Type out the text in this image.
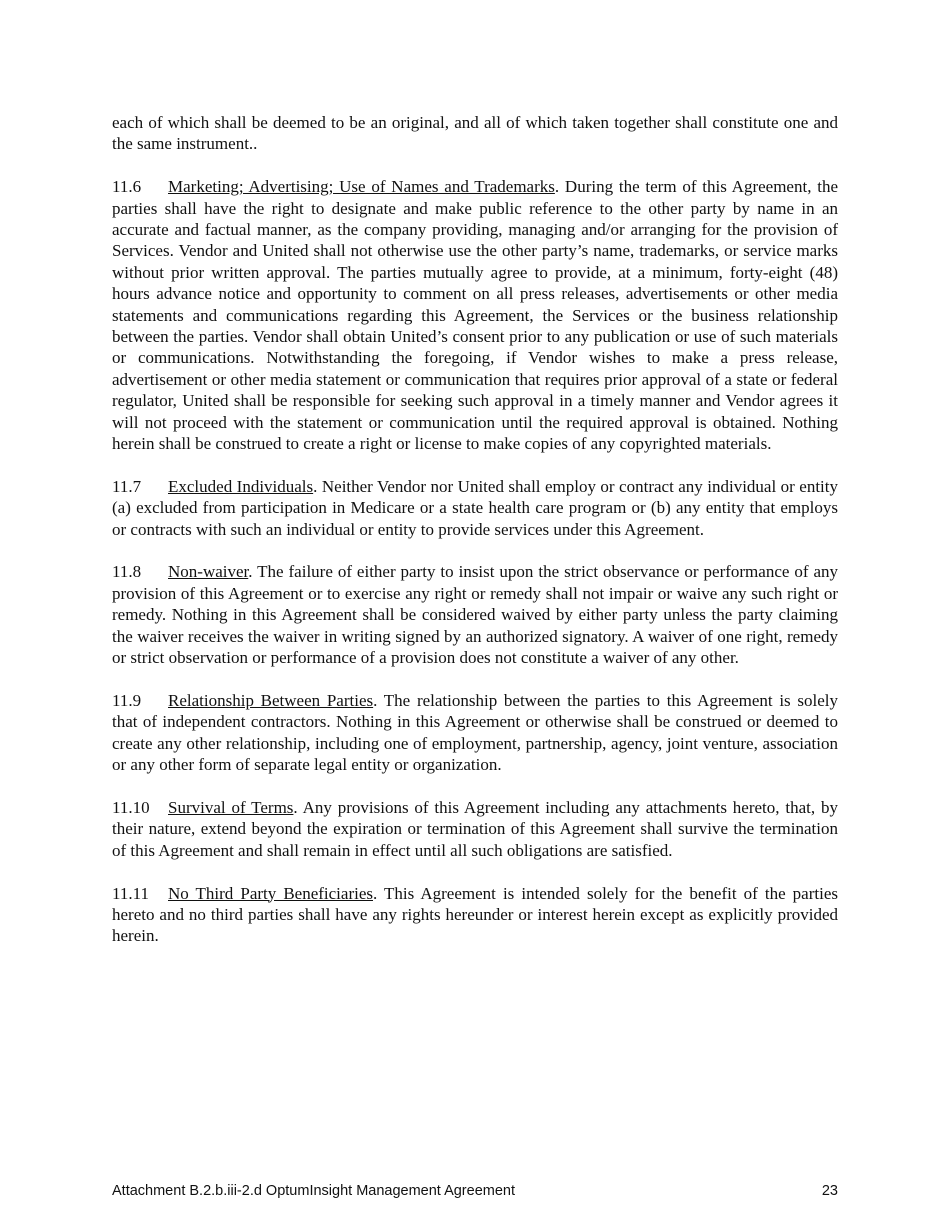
each of which shall be deemed to be an original, and all of which taken together shall constitute one and the same instrument..

11.6 Marketing; Advertising; Use of Names and Trademarks. During the term of this Agreement, the parties shall have the right to designate and make public reference to the other party by name in an accurate and factual manner, as the company providing, managing and/or arranging for the provision of Services. Vendor and United shall not otherwise use the other party’s name, trademarks, or service marks without prior written approval. The parties mutually agree to provide, at a minimum, forty-eight (48) hours advance notice and opportunity to comment on all press releases, advertisements or other media statements and communications regarding this Agreement, the Services or the business relationship between the parties. Vendor shall obtain United’s consent prior to any publication or use of such materials or communications. Notwithstanding the foregoing, if Vendor wishes to make a press release, advertisement or other media statement or communication that requires prior approval of a state or federal regulator, United shall be responsible for seeking such approval in a timely manner and Vendor agrees it will not proceed with the statement or communication until the required approval is obtained. Nothing herein shall be construed to create a right or license to make copies of any copyrighted materials.

11.7 Excluded Individuals. Neither Vendor nor United shall employ or contract any individual or entity (a) excluded from participation in Medicare or a state health care program or (b) any entity that employs or contracts with such an individual or entity to provide services under this Agreement.

11.8 Non-waiver. The failure of either party to insist upon the strict observance or performance of any provision of this Agreement or to exercise any right or remedy shall not impair or waive any such right or remedy. Nothing in this Agreement shall be considered waived by either party unless the party claiming the waiver receives the waiver in writing signed by an authorized signatory. A waiver of one right, remedy or strict observation or performance of a provision does not constitute a waiver of any other.

11.9 Relationship Between Parties. The relationship between the parties to this Agreement is solely that of independent contractors. Nothing in this Agreement or otherwise shall be construed or deemed to create any other relationship, including one of employment, partnership, agency, joint venture, association or any other form of separate legal entity or organization.

11.10 Survival of Terms. Any provisions of this Agreement including any attachments hereto, that, by their nature, extend beyond the expiration or termination of this Agreement shall survive the termination of this Agreement and shall remain in effect until all such obligations are satisfied.

11.11 No Third Party Beneficiaries. This Agreement is intended solely for the benefit of the parties hereto and no third parties shall have any rights hereunder or interest herein except as explicitly provided herein.

Attachment B.2.b.iii-2.d OptumInsight Management Agreement	23
